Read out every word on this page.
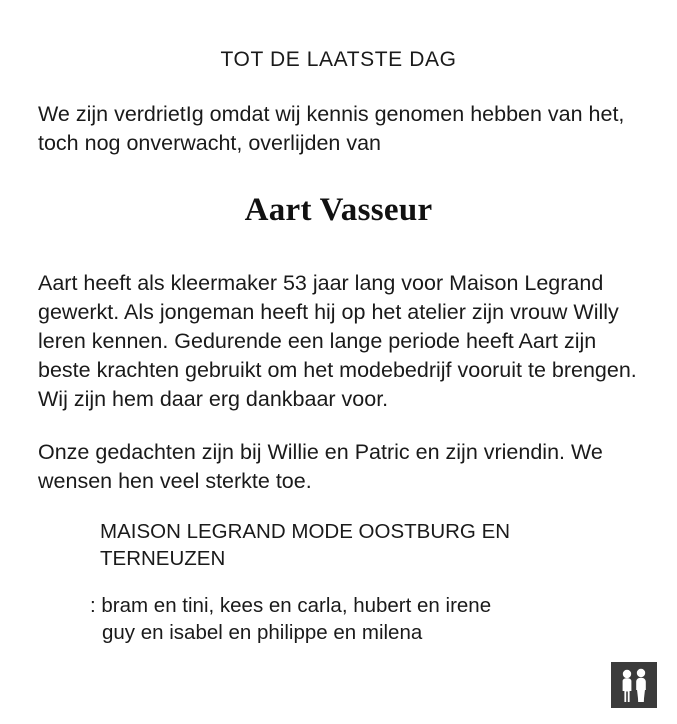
TOT DE LAATSTE DAG

We zijn verdrietIg omdat wij kennis genomen hebben van het, toch nog onverwacht, overlijden van

Aart Vasseur

Aart heeft als kleermaker 53 jaar lang voor Maison Legrand gewerkt. Als jongeman heeft hij op het atelier zijn vrouw Willy leren kennen. Gedurende een lange periode heeft Aart zijn beste krachten gebruikt om het modebedrijf vooruit te brengen. Wij zijn hem daar erg dankbaar voor.

Onze gedachten zijn bij Willie en Patric en zijn vriendin. We wensen hen veel sterkte toe.

MAISON LEGRAND MODE OOSTBURG EN TERNEUZEN

: bram en tini, kees en carla, hubert en irene
guy en isabel en philippe en milena
